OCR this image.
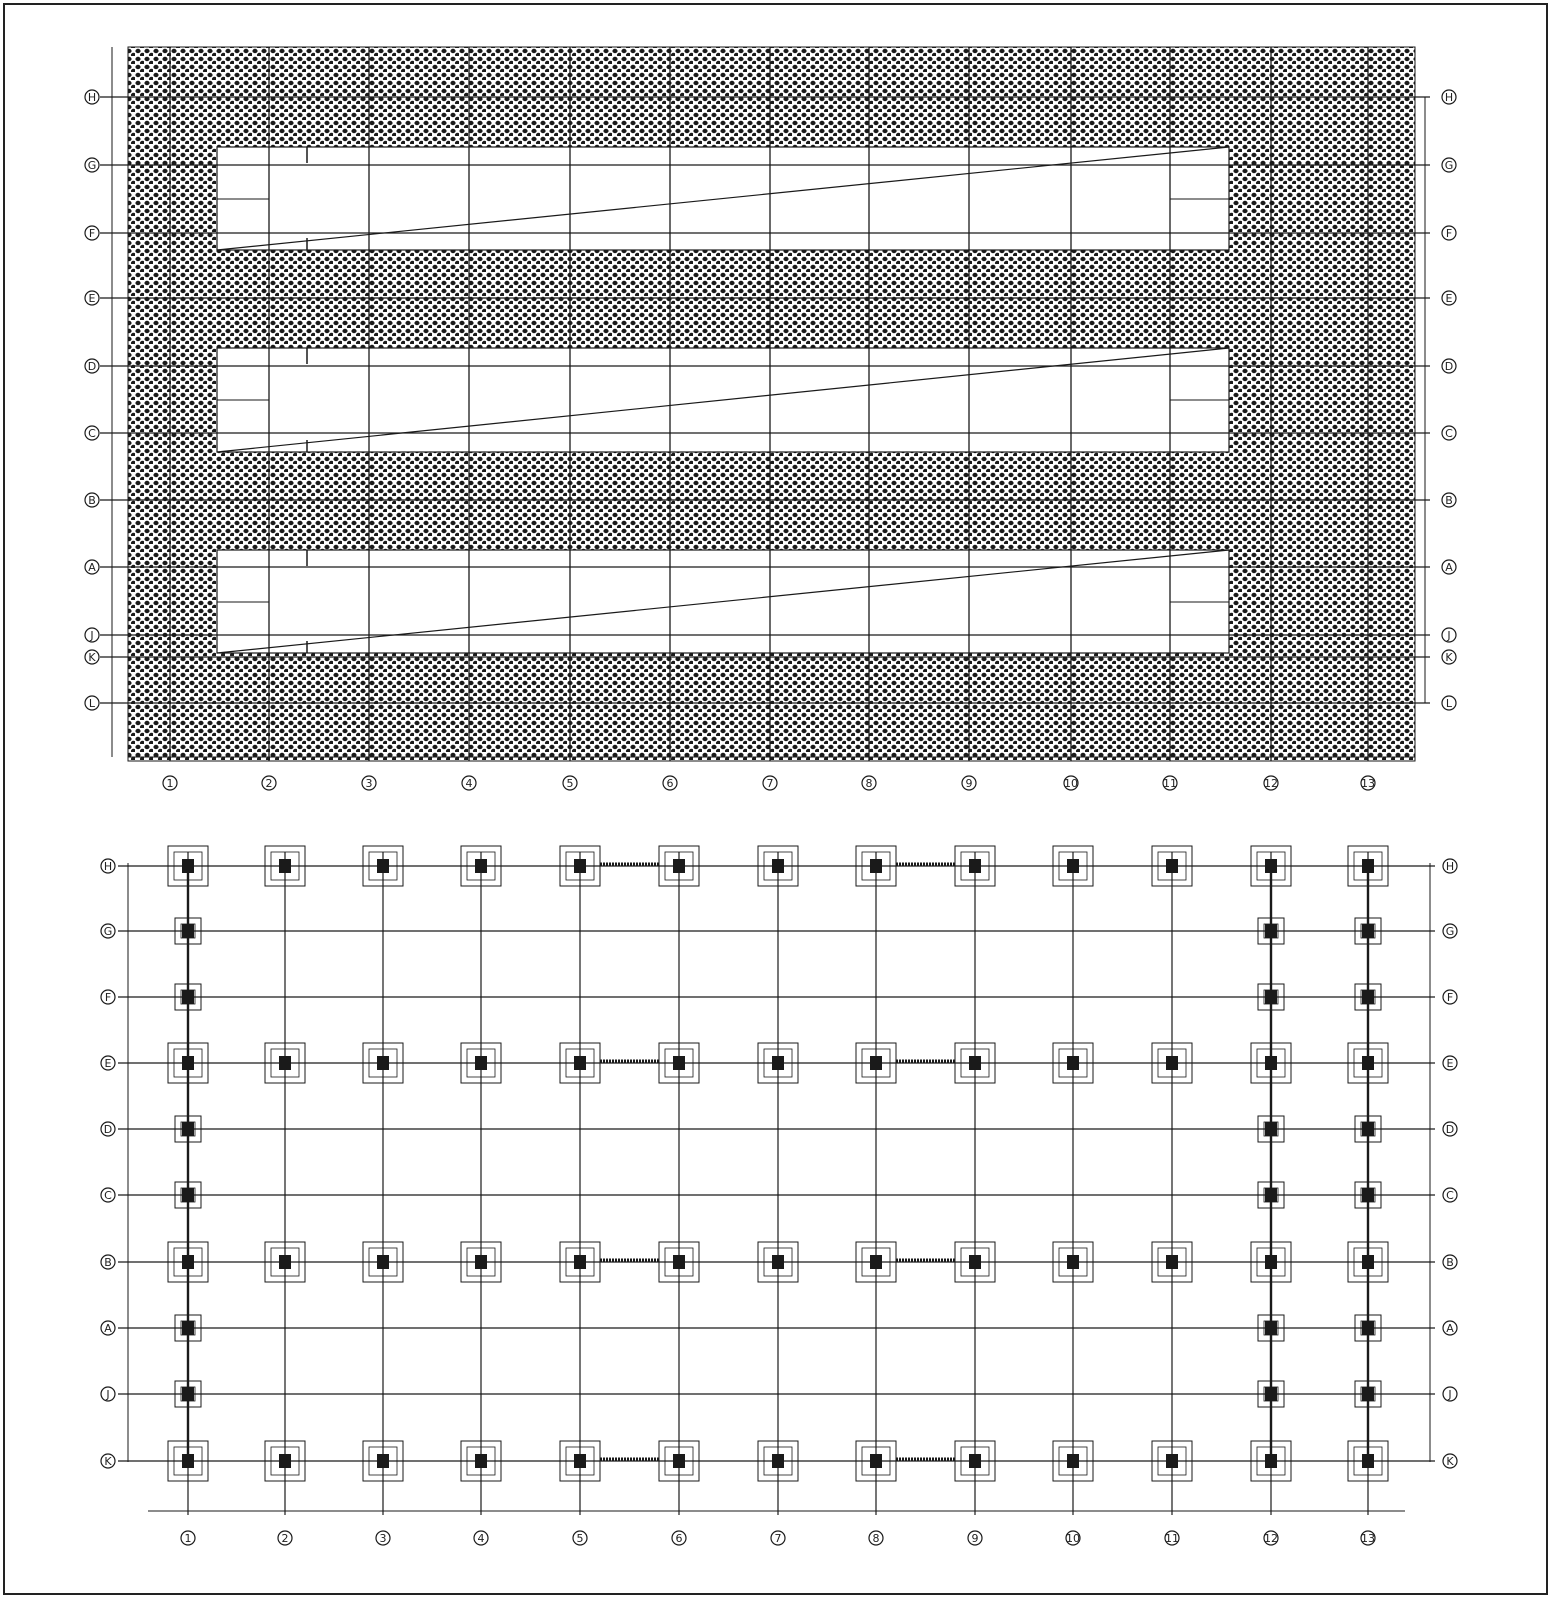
1	2	3	4	5	6	7	8	9	10	11	12	13
H	H
G	G
F	F
E	E
D	D
C	C
B	B
A	A
J	J
K	K
L	L
1	2	3	4	5	6	7	8	9	10	11	12	13
H	H
G	G
F	F
E	E
D	D
C	C
B	B
A	A
J	J
K	K
